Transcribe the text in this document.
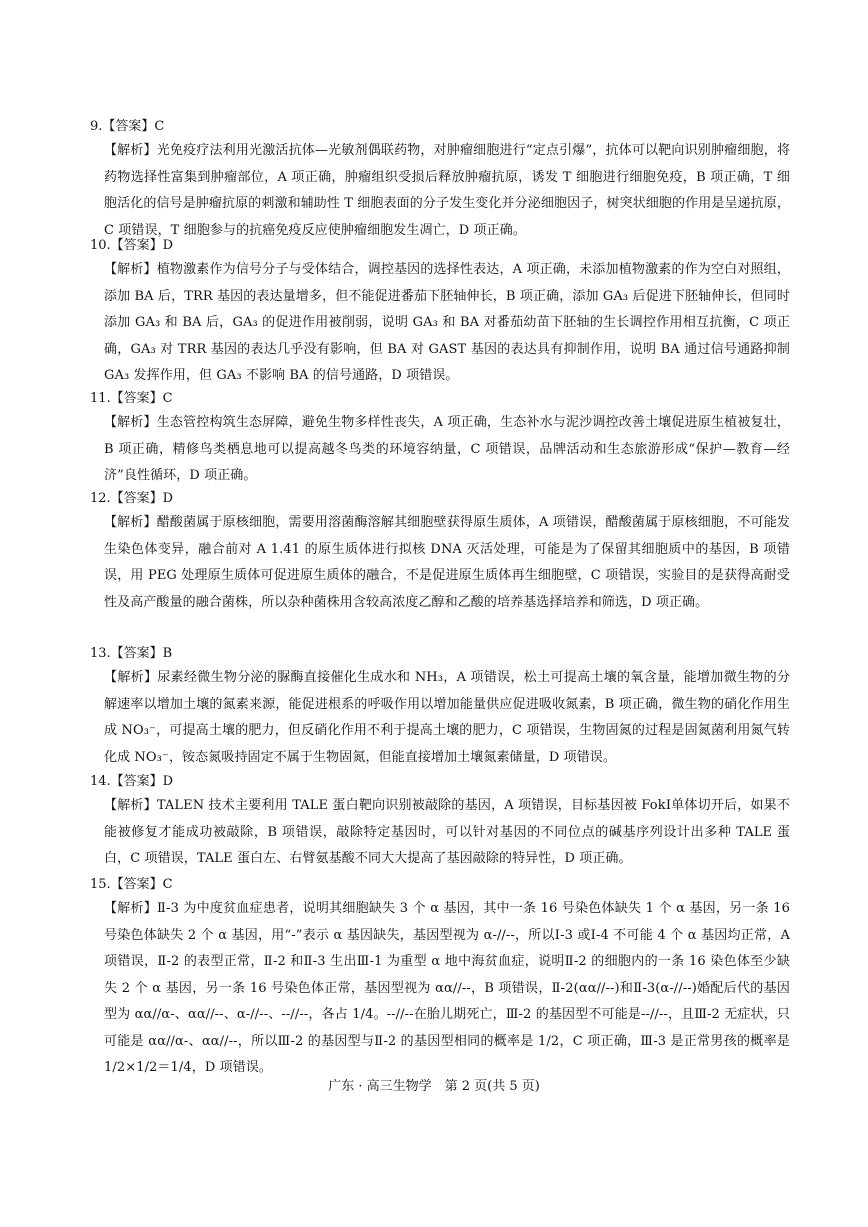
9.【答案】C
【解析】光免疫疗法利用光激活抗体—光敏剂偶联药物，对肿瘤细胞进行“定点引爆”，抗体可以靶向识别肿瘤细胞，将药物选择性富集到肿瘤部位，A 项正确，肿瘤组织受损后释放肿瘤抗原，诱发 T 细胞进行细胞免疫，B 项正确，T 细胞活化的信号是肿瘤抗原的刺激和辅助性 T 细胞表面的分子发生变化并分泌细胞因子，树突状细胞的作用是呈递抗原，C 项错误，T 细胞参与的抗癌免疫反应使肿瘤细胞发生凋亡，D 项正确。
10.【答案】D
【解析】植物激素作为信号分子与受体结合，调控基因的选择性表达，A 项正确，未添加植物激素的作为空白对照组，添加 BA 后，TRR 基因的表达量增多，但不能促进番茄下胚轴伸长，B 项正确，添加 GA₃ 后促进下胚轴伸长，但同时添加 GA₃ 和 BA 后，GA₃ 的促进作用被削弱，说明 GA₃ 和 BA 对番茄幼苗下胚轴的生长调控作用相互抗衡，C 项正确，GA₃ 对 TRR 基因的表达几乎没有影响，但 BA 对 GAST 基因的表达具有抑制作用，说明 BA 通过信号通路抑制 GA₃ 发挥作用，但 GA₃ 不影响 BA 的信号通路，D 项错误。
11.【答案】C
【解析】生态管控构筑生态屏障，避免生物多样性丧失，A 项正确，生态补水与泥沙调控改善土壤促进原生植被复壮，B 项正确，精修鸟类栖息地可以提高越冬鸟类的环境容纳量，C 项错误，品牌活动和生态旅游形成“保护—教育—经济”良性循环，D 项正确。
12.【答案】D
【解析】醋酸菌属于原核细胞，需要用溶菌酶溶解其细胞壁获得原生质体，A 项错误，醋酸菌属于原核细胞，不可能发生染色体变异，融合前对 A 1.41 的原生质体进行拟核 DNA 灭活处理，可能是为了保留其细胞质中的基因，B 项错误，用 PEG 处理原生质体可促进原生质体的融合，不是促进原生质体再生细胞壁，C 项错误，实验目的是获得高耐受性及高产酸量的融合菌株，所以杂种菌株用含较高浓度乙醇和乙酸的培养基选择培养和筛选，D 项正确。
13.【答案】B
【解析】尿素经微生物分泌的脲酶直接催化生成水和 NH₃，A 项错误，松土可提高土壤的氧含量，能增加微生物的分解速率以增加土壤的氮素来源，能促进根系的呼吸作用以增加能量供应促进吸收氮素，B 项正确，微生物的硝化作用生成 NO₃⁻，可提高土壤的肥力，但反硝化作用不利于提高土壤的肥力，C 项错误，生物固氮的过程是固氮菌利用氮气转化成 NO₃⁻，铵态氮吸持固定不属于生物固氮，但能直接增加土壤氮素储量，D 项错误。
14.【答案】D
【解析】TALEN 技术主要利用 TALE 蛋白靶向识别被敲除的基因，A 项错误，目标基因被 FokⅠ单体切开后，如果不能被修复才能成功被敲除，B 项错误，敲除特定基因时，可以针对基因的不同位点的碱基序列设计出多种 TALE 蛋白，C 项错误，TALE 蛋白左、右臂氨基酸不同大大提高了基因敲除的特异性，D 项正确。
15.【答案】C
【解析】Ⅱ-3 为中度贫血症患者，说明其细胞缺失 3 个 α 基因，其中一条 16 号染色体缺失 1 个 α 基因，另一条 16 号染色体缺失 2 个 α 基因，用“-”表示 α 基因缺失，基因型视为 α-//--，所以Ⅰ-3 或Ⅰ-4 不可能 4 个 α 基因均正常，A 项错误，Ⅱ-2 的表型正常，Ⅱ-2 和Ⅱ-3 生出Ⅲ-1 为重型 α 地中海贫血症，说明Ⅱ-2 的细胞内的一条 16 染色体至少缺失 2 个 α 基因，另一条 16 号染色体正常，基因型视为 αα//--，B 项错误，Ⅱ-2(αα//--)和Ⅱ-3(α-//--)婚配后代的基因型为 αα//α-、αα//--、α-//--、--//--，各占 1/4。--//--在胎儿期死亡，Ⅲ-2 的基因型不可能是--//--，且Ⅲ-2 无症状，只可能是 αα//α-、αα//--，所以Ⅲ-2 的基因型与Ⅱ-2 的基因型相同的概率是 1/2，C 项正确，Ⅲ-3 是正常男孩的概率是 1/2×1/2＝1/4，D 项错误。
广东 · 高三生物学　第 2 页(共 5 页)
